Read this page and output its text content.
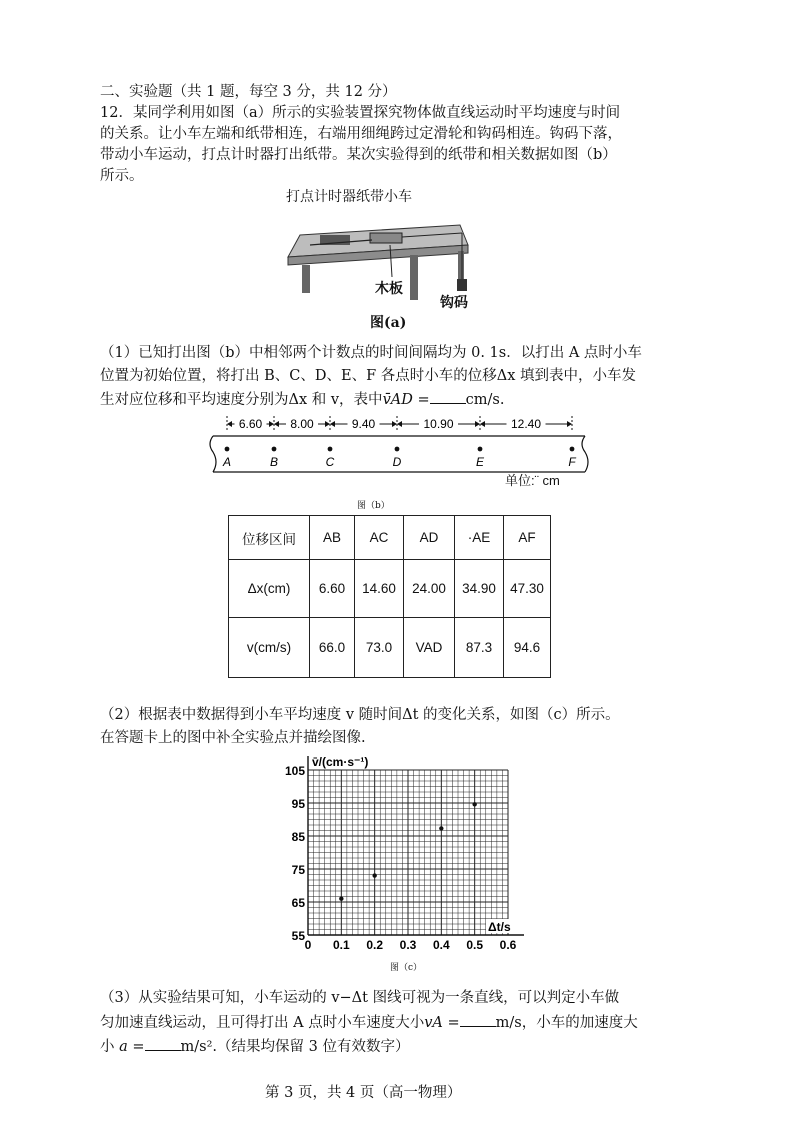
二、实验题（共 1 题，每空 3 分，共 12 分）
12．某同学利用如图（a）所示的实验装置探究物体做直线运动时平均速度与时间
的关系。让小车左端和纸带相连，右端用细绳跨过定滑轮和钩码相连。钩码下落，
带动小车运动，打点计时器打出纸带。某次实验得到的纸带和相关数据如图（b）
所示。
打点计时器纸带小车
木板
钩码
图(a)
（1）已知打出图（b）中相邻两个计数点的时间间隔均为 0. 1s．以打出 A 点时小车
位置为初始位置，将打出 B、C、D、E、F 各点时小车的位移Δx 填到表中，小车发
生对应位移和平均速度分别为Δx 和 v，表中v̄AD = cm/s.
A	B	C	D	E	F
6.60 8.00	9.40	10.90	12.40
单位:¨ cm
图（b）
位移区间	AB	AC	AD	·AE	AF
Δx(cm)	6.60	14.60	24.00	34.90	47.30
v(cm/s)	66.0	73.0	VAD	87.3	94.6
（2）根据表中数据得到小车平均速度 v 随时间Δt 的变化关系，如图（c）所示。
在答题卡上的图中补全实验点并描绘图像.
0 0.1 0.2 0.3 0.4 0.5 0.6
55
65
75
85
95
105
v̄/(cm·s⁻¹)
Δt/s
图（c）
（3）从实验结果可知，小车运动的 v−Δt 图线可视为一条直线，可以判定小车做
匀加速直线运动，且可得打出 A 点时小车速度大小vA = m/s，小车的加速度大
小 a = m/s².（结果均保留 3 位有效数字）
第 3 页，共 4 页（高一物理）
